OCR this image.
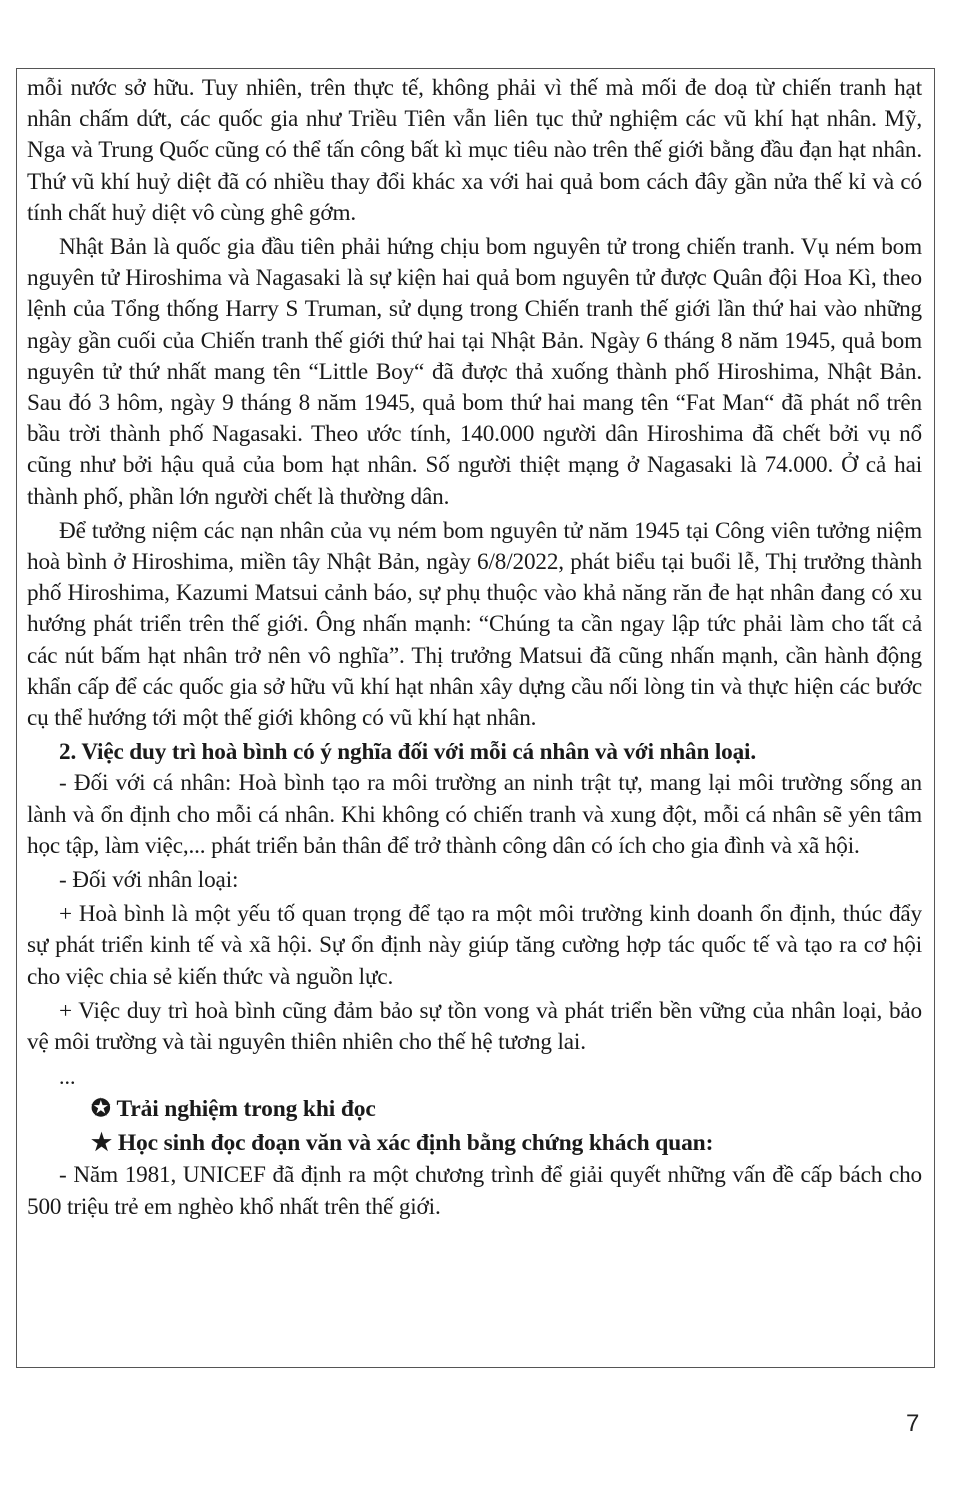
mỗi nước sở hữu. Tuy nhiên, trên thực tế, không phải vì thế mà mối đe doạ từ chiến tranh hạt nhân chấm dứt, các quốc gia như Triều Tiên vẫn liên tục thử nghiệm các vũ khí hạt nhân. Mỹ, Nga và Trung Quốc cũng có thể tấn công bất kì mục tiêu nào trên thế giới bằng đầu đạn hạt nhân. Thứ vũ khí huỷ diệt đã có nhiều thay đổi khác xa với hai quả bom cách đây gần nửa thế kỉ và có tính chất huỷ diệt vô cùng ghê gớm.

Nhật Bản là quốc gia đầu tiên phải hứng chịu bom nguyên tử trong chiến tranh. Vụ ném bom nguyên tử Hiroshima và Nagasaki là sự kiện hai quả bom nguyên tử được Quân đội Hoa Kì, theo lệnh của Tổng thống Harry S Truman, sử dụng trong Chiến tranh thế giới lần thứ hai vào những ngày gần cuối của Chiến tranh thế giới thứ hai tại Nhật Bản. Ngày 6 tháng 8 năm 1945, quả bom nguyên tử thứ nhất mang tên “Little Boy“ đã được thả xuống thành phố Hiroshima, Nhật Bản. Sau đó 3 hôm, ngày 9 tháng 8 năm 1945, quả bom thứ hai mang tên “Fat Man“ đã phát nổ trên bầu trời thành phố Nagasaki. Theo ước tính, 140.000 người dân Hiroshima đã chết bởi vụ nổ cũng như bởi hậu quả của bom hạt nhân. Số người thiệt mạng ở Nagasaki là 74.000. Ở cả hai thành phố, phần lớn người chết là thường dân.

Để tưởng niệm các nạn nhân của vụ ném bom nguyên tử năm 1945 tại Công viên tưởng niệm hoà bình ở Hiroshima, miền tây Nhật Bản, ngày 6/8/2022, phát biểu tại buổi lễ, Thị trưởng thành phố Hiroshima, Kazumi Matsui cảnh báo, sự phụ thuộc vào khả năng răn đe hạt nhân đang có xu hướng phát triển trên thế giới. Ông nhấn mạnh: “Chúng ta cần ngay lập tức phải làm cho tất cả các nút bấm hạt nhân trở nên vô nghĩa”. Thị trưởng Matsui đã cũng nhấn mạnh, cần hành động khẩn cấp để các quốc gia sở hữu vũ khí hạt nhân xây dựng cầu nối lòng tin và thực hiện các bước cụ thể hướng tới một thế giới không có vũ khí hạt nhân.

2. Việc duy trì hoà bình có ý nghĩa đối với mỗi cá nhân và với nhân loại.

- Đối với cá nhân: Hoà bình tạo ra môi trường an ninh trật tự, mang lại môi trường sống an lành và ổn định cho mỗi cá nhân. Khi không có chiến tranh và xung đột, mỗi cá nhân sẽ yên tâm học tập, làm việc,... phát triển bản thân để trở thành công dân có ích cho gia đình và xã hội.

- Đối với nhân loại:

+ Hoà bình là một yếu tố quan trọng để tạo ra một môi trường kinh doanh ổn định, thúc đẩy sự phát triển kinh tế và xã hội. Sự ổn định này giúp tăng cường hợp tác quốc tế và tạo ra cơ hội cho việc chia sẻ kiến thức và nguồn lực.

+ Việc duy trì hoà bình cũng đảm bảo sự tồn vong và phát triển bền vững của nhân loại, bảo vệ môi trường và tài nguyên thiên nhiên cho thế hệ tương lai.

...

✪ Trải nghiệm trong khi đọc

★ Học sinh đọc đoạn văn và xác định bằng chứng khách quan:

- Năm 1981, UNICEF đã định ra một chương trình để giải quyết những vấn đề cấp bách cho 500 triệu trẻ em nghèo khổ nhất trên thế giới.

7
